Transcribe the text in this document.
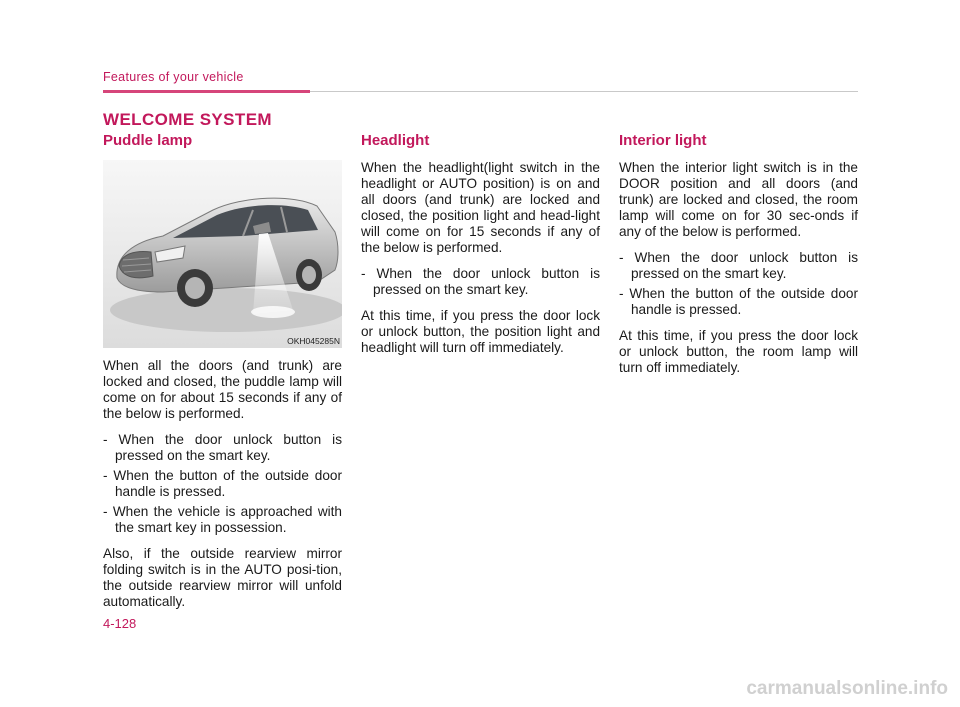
Features of your vehicle
WELCOME SYSTEM
Puddle lamp
OKH045285N

When all the doors (and trunk) are locked and closed, the puddle lamp will come on for about 15 seconds if any of the below is performed.

- When the door unlock button is pressed on the smart key.
- When the button of the outside door handle is pressed.
- When the vehicle is approached with the smart key in possession.

Also, if the outside rearview mirror folding switch is in the AUTO posi-tion, the outside rearview mirror will unfold automatically.

Headlight

When the headlight(light switch in the headlight or AUTO position) is on and all doors (and trunk) are locked and closed, the position light and head-light will come on for 15 seconds if any of the below is performed.

- When the door unlock button is pressed on the smart key.

At this time, if you press the door lock or unlock button, the position light and headlight will turn off immediately.

Interior light

When the interior light switch is in the DOOR position and all doors (and trunk) are locked and closed, the room lamp will come on for 30 sec-onds if any of the below is performed.

- When the door unlock button is pressed on the smart key.
- When the button of the outside door handle is pressed.

At this time, if you press the door lock or unlock button, the room lamp will turn off immediately.

4-128
carmanualsonline.info
